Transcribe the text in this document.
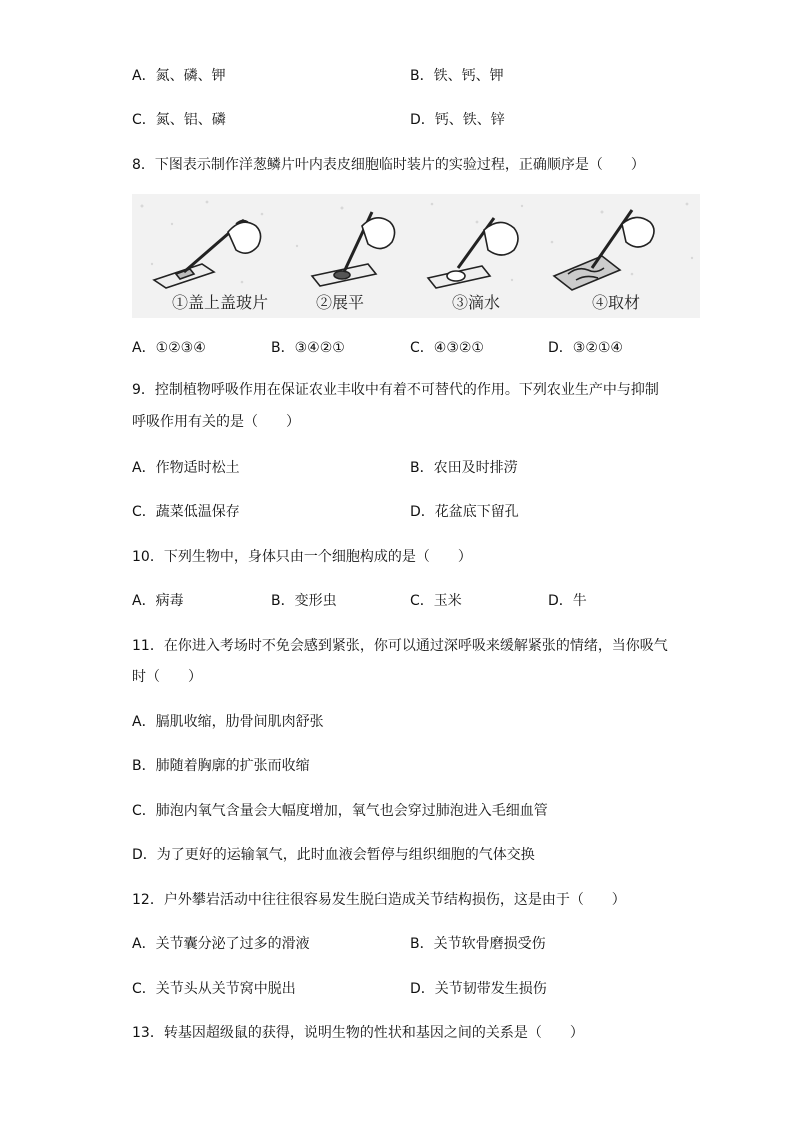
A．氮、磷、钾	B．铁、钙、钾
C．氮、铝、磷	D．钙、铁、锌
8．下图表示制作洋葱鳞片叶内表皮细胞临时装片的实验过程，正确顺序是（　　）
①盖上盖玻片	②展平	③滴水	④取材
A．①②③④	B．③④②①	C．④③②①	D．③②①④
9．控制植物呼吸作用在保证农业丰收中有着不可替代的作用。下列农业生产中与抑制
呼吸作用有关的是（　　）
A．作物适时松土	B．农田及时排涝
C．蔬菜低温保存	D．花盆底下留孔
10．下列生物中，身体只由一个细胞构成的是（　　）
A．病毒	B．变形虫	C．玉米	D．牛
11．在你进入考场时不免会感到紧张，你可以通过深呼吸来缓解紧张的情绪，当你吸气
时（　　）
A．膈肌收缩，肋骨间肌肉舒张
B．肺随着胸廓的扩张而收缩
C．肺泡内氧气含量会大幅度增加，氧气也会穿过肺泡进入毛细血管
D．为了更好的运输氧气，此时血液会暂停与组织细胞的气体交换
12．户外攀岩活动中往往很容易发生脱臼造成关节结构损伤，这是由于（　　）
A．关节囊分泌了过多的滑液	B．关节软骨磨损受伤
C．关节头从关节窝中脱出	D．关节韧带发生损伤
13．转基因超级鼠的获得，说明生物的性状和基因之间的关系是（　　）
